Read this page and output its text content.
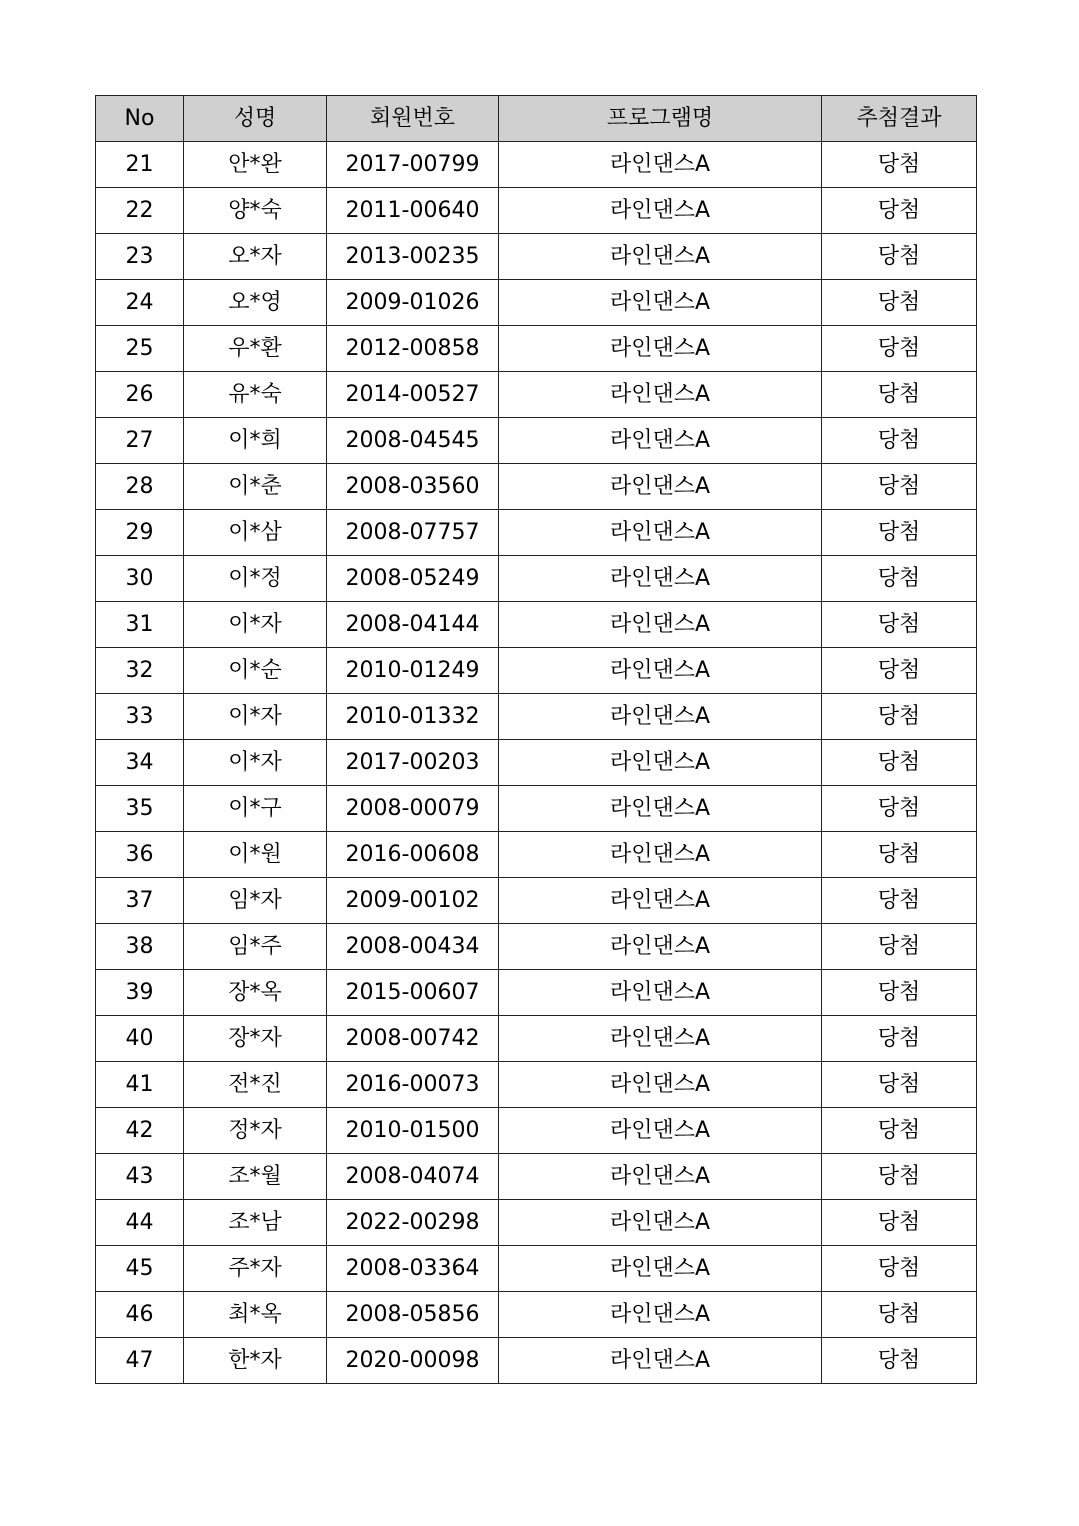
No	성명	회원번호	프로그램명	추첨결과
21	안*완	2017-00799	라인댄스A	당첨
22	양*숙	2011-00640	라인댄스A	당첨
23	오*자	2013-00235	라인댄스A	당첨
24	오*영	2009-01026	라인댄스A	당첨
25	우*환	2012-00858	라인댄스A	당첨
26	유*숙	2014-00527	라인댄스A	당첨
27	이*희	2008-04545	라인댄스A	당첨
28	이*춘	2008-03560	라인댄스A	당첨
29	이*삼	2008-07757	라인댄스A	당첨
30	이*정	2008-05249	라인댄스A	당첨
31	이*자	2008-04144	라인댄스A	당첨
32	이*순	2010-01249	라인댄스A	당첨
33	이*자	2010-01332	라인댄스A	당첨
34	이*자	2017-00203	라인댄스A	당첨
35	이*구	2008-00079	라인댄스A	당첨
36	이*원	2016-00608	라인댄스A	당첨
37	임*자	2009-00102	라인댄스A	당첨
38	임*주	2008-00434	라인댄스A	당첨
39	장*옥	2015-00607	라인댄스A	당첨
40	장*자	2008-00742	라인댄스A	당첨
41	전*진	2016-00073	라인댄스A	당첨
42	정*자	2010-01500	라인댄스A	당첨
43	조*월	2008-04074	라인댄스A	당첨
44	조*남	2022-00298	라인댄스A	당첨
45	주*자	2008-03364	라인댄스A	당첨
46	최*옥	2008-05856	라인댄스A	당첨
47	한*자	2020-00098	라인댄스A	당첨
